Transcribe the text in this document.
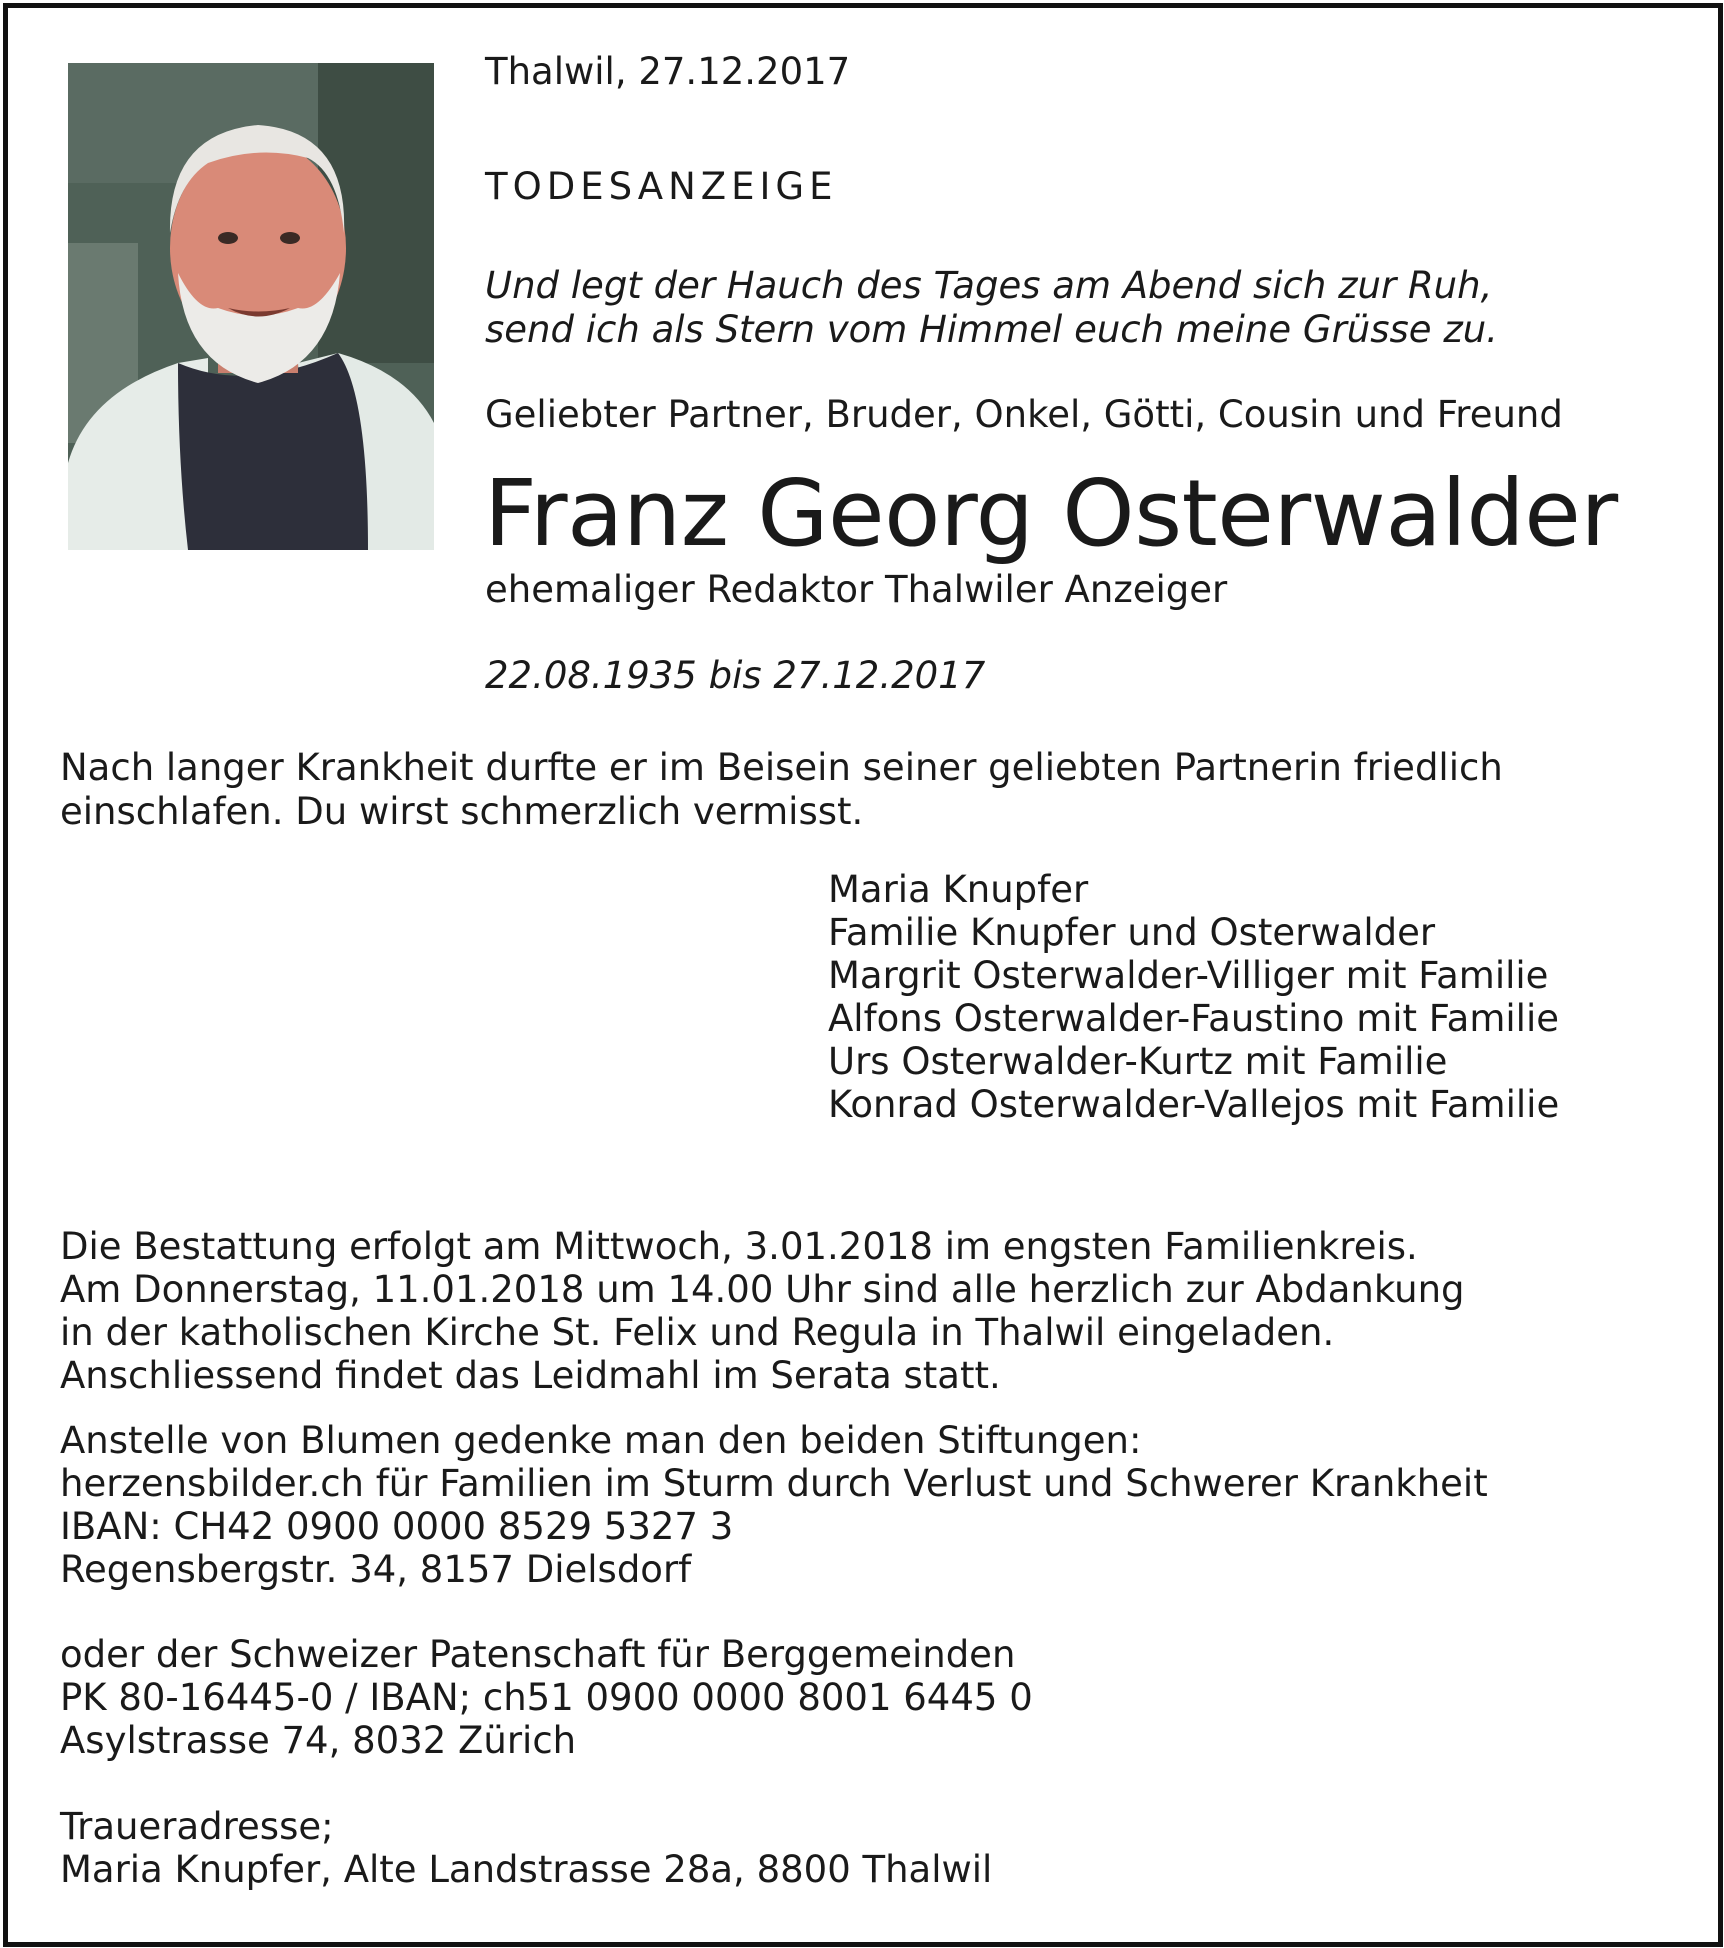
Thalwil, 27.12.2017

TODESANZEIGE

Und legt der Hauch des Tages am Abend sich zur Ruh,
send ich als Stern vom Himmel euch meine Grüsse zu.

Geliebter Partner, Bruder, Onkel, Götti, Cousin und Freund

Franz Georg Osterwalder

ehemaliger Redaktor Thalwiler Anzeiger

22.08.1935 bis 27.12.2017

Nach langer Krankheit durfte er im Beisein seiner geliebten Partnerin friedlich
einschlafen. Du wirst schmerzlich vermisst.
Maria Knupfer
Familie Knupfer und Osterwalder
Margrit Osterwalder-Villiger mit Familie
Alfons Osterwalder-Faustino mit Familie
Urs Osterwalder-Kurtz mit Familie
Konrad Osterwalder-Vallejos mit Familie
Die Bestattung erfolgt am Mittwoch, 3.01.2018 im engsten Familienkreis.
Am Donnerstag, 11.01.2018 um 14.00 Uhr sind alle herzlich zur Abdankung
in der katholischen Kirche St. Felix und Regula in Thalwil eingeladen.
Anschliessend findet das Leidmahl im Serata statt.
Anstelle von Blumen gedenke man den beiden Stiftungen:
herzensbilder.ch für Familien im Sturm durch Verlust und Schwerer Krankheit
IBAN: CH42 0900 0000 8529 5327 3
Regensbergstr. 34, 8157 Dielsdorf
oder der Schweizer Patenschaft für Berggemeinden
PK 80-16445-0 / IBAN; ch51 0900 0000 8001 6445 0
Asylstrasse 74, 8032 Zürich
Traueradresse;
Maria Knupfer, Alte Landstrasse 28a, 8800 Thalwil
